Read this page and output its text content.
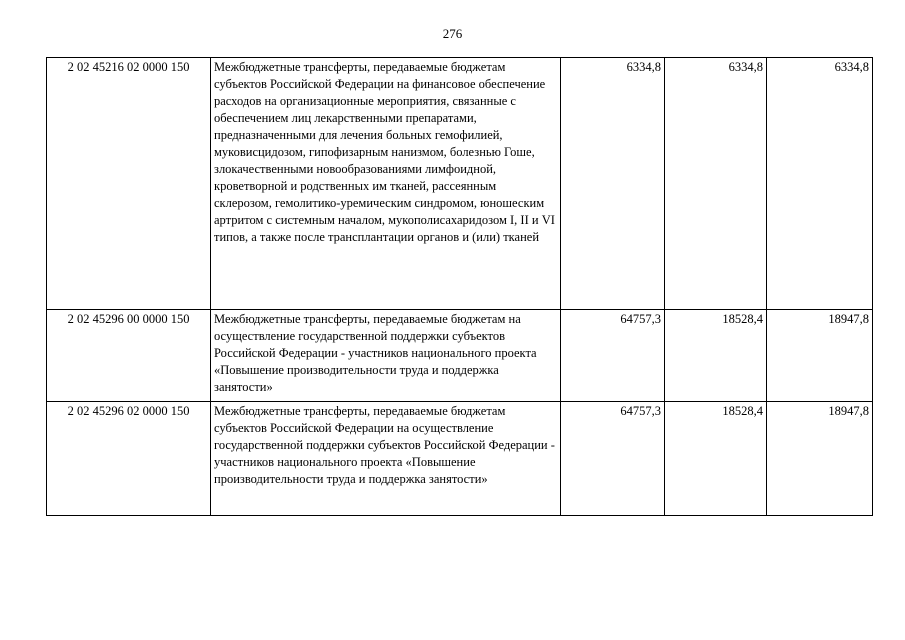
276
2 02 45216 02 0000 150	Межбюджетные трансферты, передаваемые бюджетам субъектов Российской Федерации на финансовое обеспечение расходов на организационные мероприятия, связанные с обеспечением лиц лекарственными препаратами, предназначенными для лечения больных гемофилией, муковисцидозом, гипофизарным нанизмом, болезнью Гоше, злокачественными новообразованиями лимфоидной, кроветворной и родственных им тканей, рассеянным склерозом, гемолитико-уремическим синдромом, юношеским артритом с системным началом, мукополисахаридозом I, II и VI типов, а также после трансплантации органов и (или) тканей	6334,8	6334,8	6334,8
2 02 45296 00 0000 150	Межбюджетные трансферты, передаваемые бюджетам на осуществление государственной поддержки субъектов Российской Федерации - участников национального проекта «Повышение производительности труда и поддержка занятости»	64757,3	18528,4	18947,8
2 02 45296 02 0000 150	Межбюджетные трансферты, передаваемые бюджетам субъектов Российской Федерации на осуществление государственной поддержки субъектов Российской Федерации - участников национального проекта «Повышение производительности труда и поддержка занятости»	64757,3	18528,4	18947,8
